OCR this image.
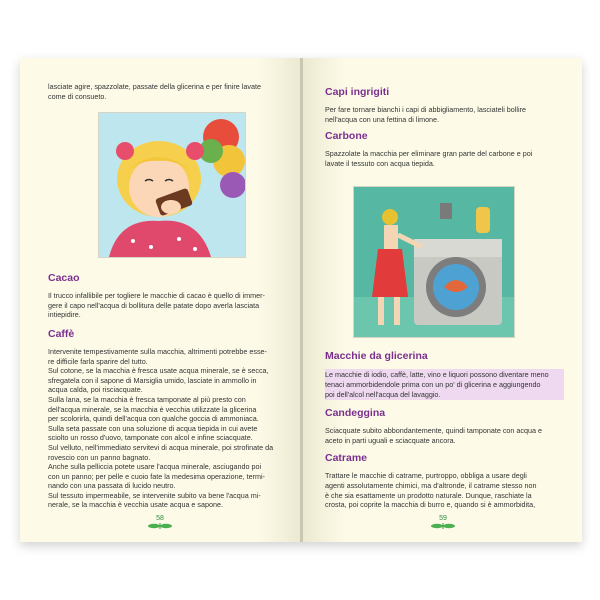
lasciate agire, spazzolate, passate della glicerina e per finire lavate

come di consueto.

Cacao

Il trucco infallibile per togliere le macchie di cacao è quello di immer-

gere il capo nell'acqua di bollitura delle patate dopo averla lasciata

intiepidire.

Caffè

Intervenite tempestivamente sulla macchia, altrimenti potrebbe esse-

re difficile farla sparire del tutto.

Sul cotone, se la macchia è fresca usate acqua minerale, se è secca,

sfregatela con il sapone di Marsiglia umido, lasciate in ammollo in

acqua calda, poi risciacquate.

Sulla lana, se la macchia è fresca tamponate al più presto con

dell'acqua minerale, se la macchia è vecchia utilizzate la glicerina

per scolorirla, quindi dell'acqua con qualche goccia di ammoniaca.

Sulla seta passate con una soluzione di acqua tiepida in cui avete

sciolto un rosso d'uovo, tamponate con alcol e infine sciacquate.

Sul velluto, nell'immediato servitevi di acqua minerale, poi strofinate da

rovescio con un panno bagnato.

Anche sulla pelliccia potete usare l'acqua minerale, asciugando poi

con un panno; per pelle e cuoio fate la medesima operazione, termi-

nando con una passata di lucido neutro.

Sul tessuto impermeabile, se intervenite subito va bene l'acqua mi-

nerale, se la macchia è vecchia usate acqua e sapone.

58
Capi ingrigiti

Per fare tornare bianchi i capi di abbigliamento, lasciateli bollire

nell'acqua con una fettina di limone.

Carbone

Spazzolate la macchia per eliminare gran parte del carbone e poi

lavate il tessuto con acqua tiepida.

Macchie da glicerina

Le macchie di iodio, caffè, latte, vino e liquori possono diventare meno

tenaci ammorbidendole prima con un po' di glicerina e aggiungendo

poi dell'alcol nell'acqua del lavaggio.

Candeggina

Sciacquate subito abbondantemente, quindi tamponate con acqua e

aceto in parti uguali e sciacquate ancora.

Catrame

Trattare le macchie di catrame, purtroppo, obbliga a usare degli

agenti assolutamente chimici, ma d'altronde, il catrame stesso non

è che sia esattamente un prodotto naturale. Dunque, raschiate la

crosta, poi coprite la macchia di burro e, quando si è ammorbidita,

59
